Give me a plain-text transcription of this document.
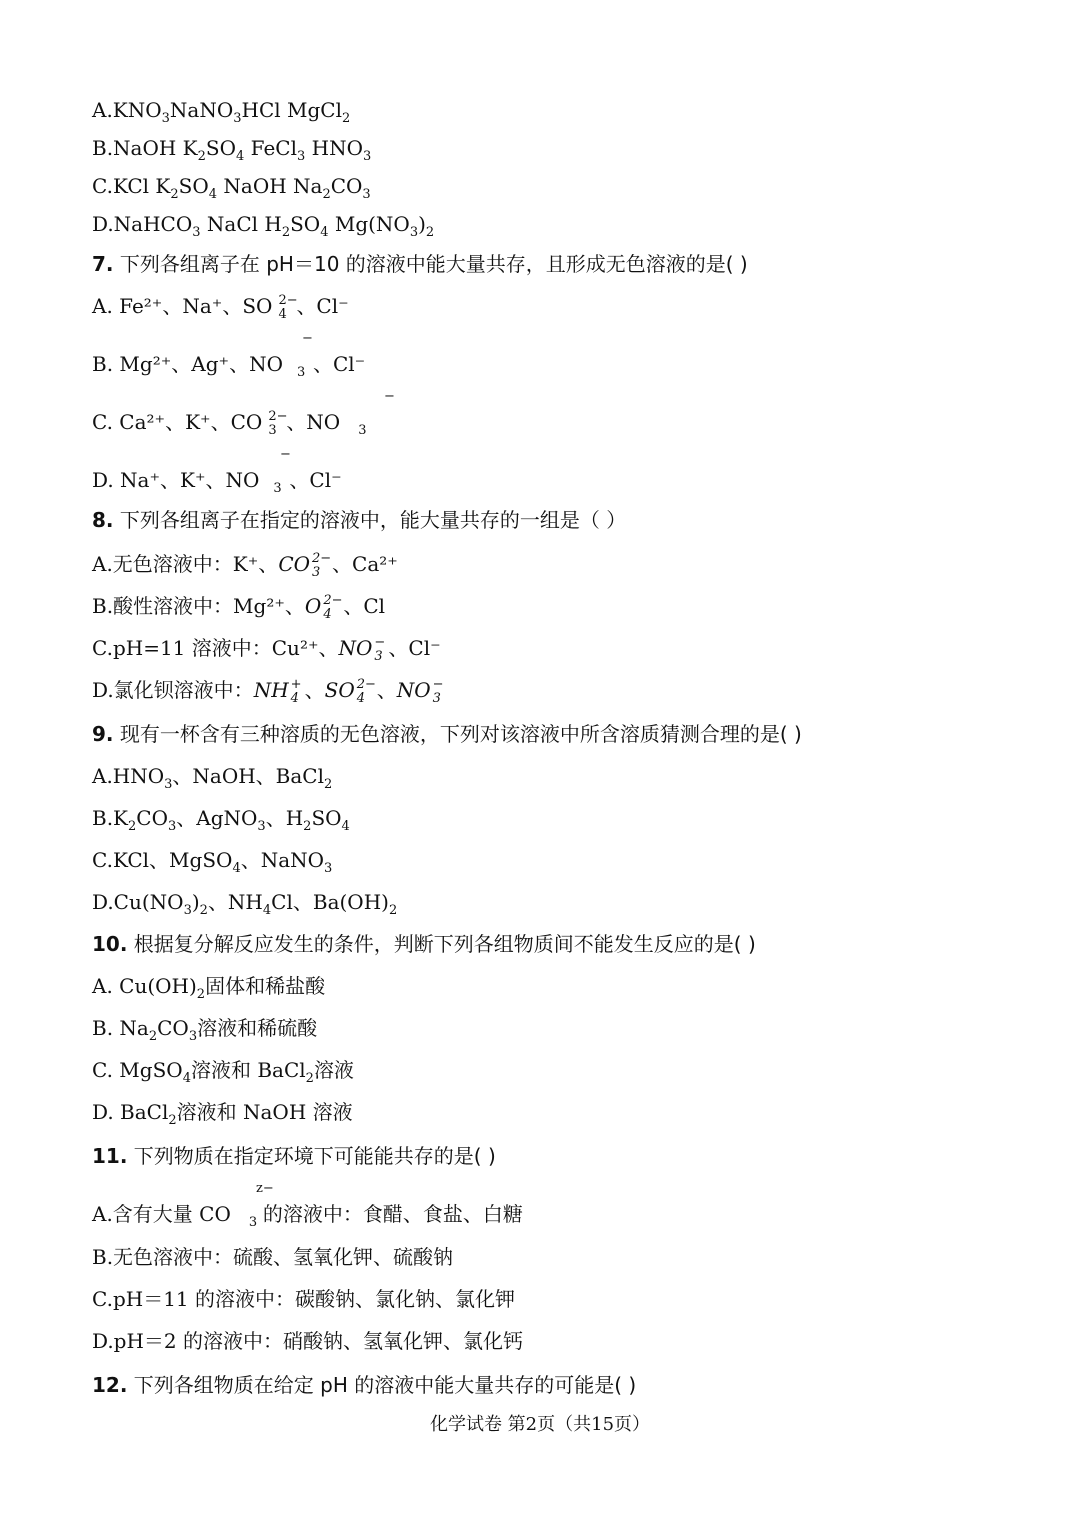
$A.KNO_3NaNO_3HCl$ MgCl$_2$
B.NaOH $K_2SO_4$ FeCl$_3$ $HNO_3$
C.KCl $K_2SO_4$ NaOH $Na_2CO_3$
D.NaHCO$_3$ NaCl $H_2SO_4$ $Mg(NO_3)_2$
7. 下列各组离子在 pH＝10 的溶液中能大量共存，且形成无色溶液的是( )
A. Fe²⁺、Na⁺、SO 2−
4 、Cl⁻
−
B. Mg²⁺、Ag⁺、NO 3 、Cl⁻
−
C. Ca²⁺、K⁺、CO 2−
3 、NO 3
−
D. Na⁺、K⁺、NO 3 、Cl⁻
8. 下列各组离子在指定的溶液中，能大量共存的一组是（ ）
A.无色溶液中：K⁺、CO 2−
3 、Ca²⁺
B.酸性溶液中：Mg²⁺、O 2−
4 、Cl
C.pH=11 溶液中：Cu²⁺、NO −
3 、Cl⁻
D.氯化钡溶液中：NH +
4 、SO 2−
4 、NO −
3
9. 现有一杯含有三种溶质的无色溶液，下列对该溶液中所含溶质猜测合理的是( )
$A.HNO_3$、NaOH、BaCl$_2$
$B.K_2CO_3$、AgNO$_3$、$H_2SO_4$
C.KCl、MgSO$_4$、NaNO$_3$
$D.Cu(NO_3)_2$、$NH_4Cl$、$Ba(OH)_2$
10. 根据复分解反应发生的条件，判断下列各组物质间不能发生反应的是( )
A. $Cu(OH)_2$固体和稀盐酸
B. $Na_2CO_3$溶液和稀硫酸
C. MgSO$_4$溶液和 BaCl$_2$溶液
D. BaCl$_2$溶液和 NaOH 溶液
11. 下列物质在指定环境下可能能共存的是( )
z−
A.含有大量 CO 3 的溶液中：食醋、食盐、白糖
B.无色溶液中：硫酸、氢氧化钾、硫酸钠
C.pH＝11 的溶液中：碳酸钠、氯化钠、氯化钾
D.pH＝2 的溶液中：硝酸钠、氢氧化钾、氯化钙
12. 下列各组物质在给定 pH 的溶液中能大量共存的可能是( )
化学试卷 第2页（共15页）
